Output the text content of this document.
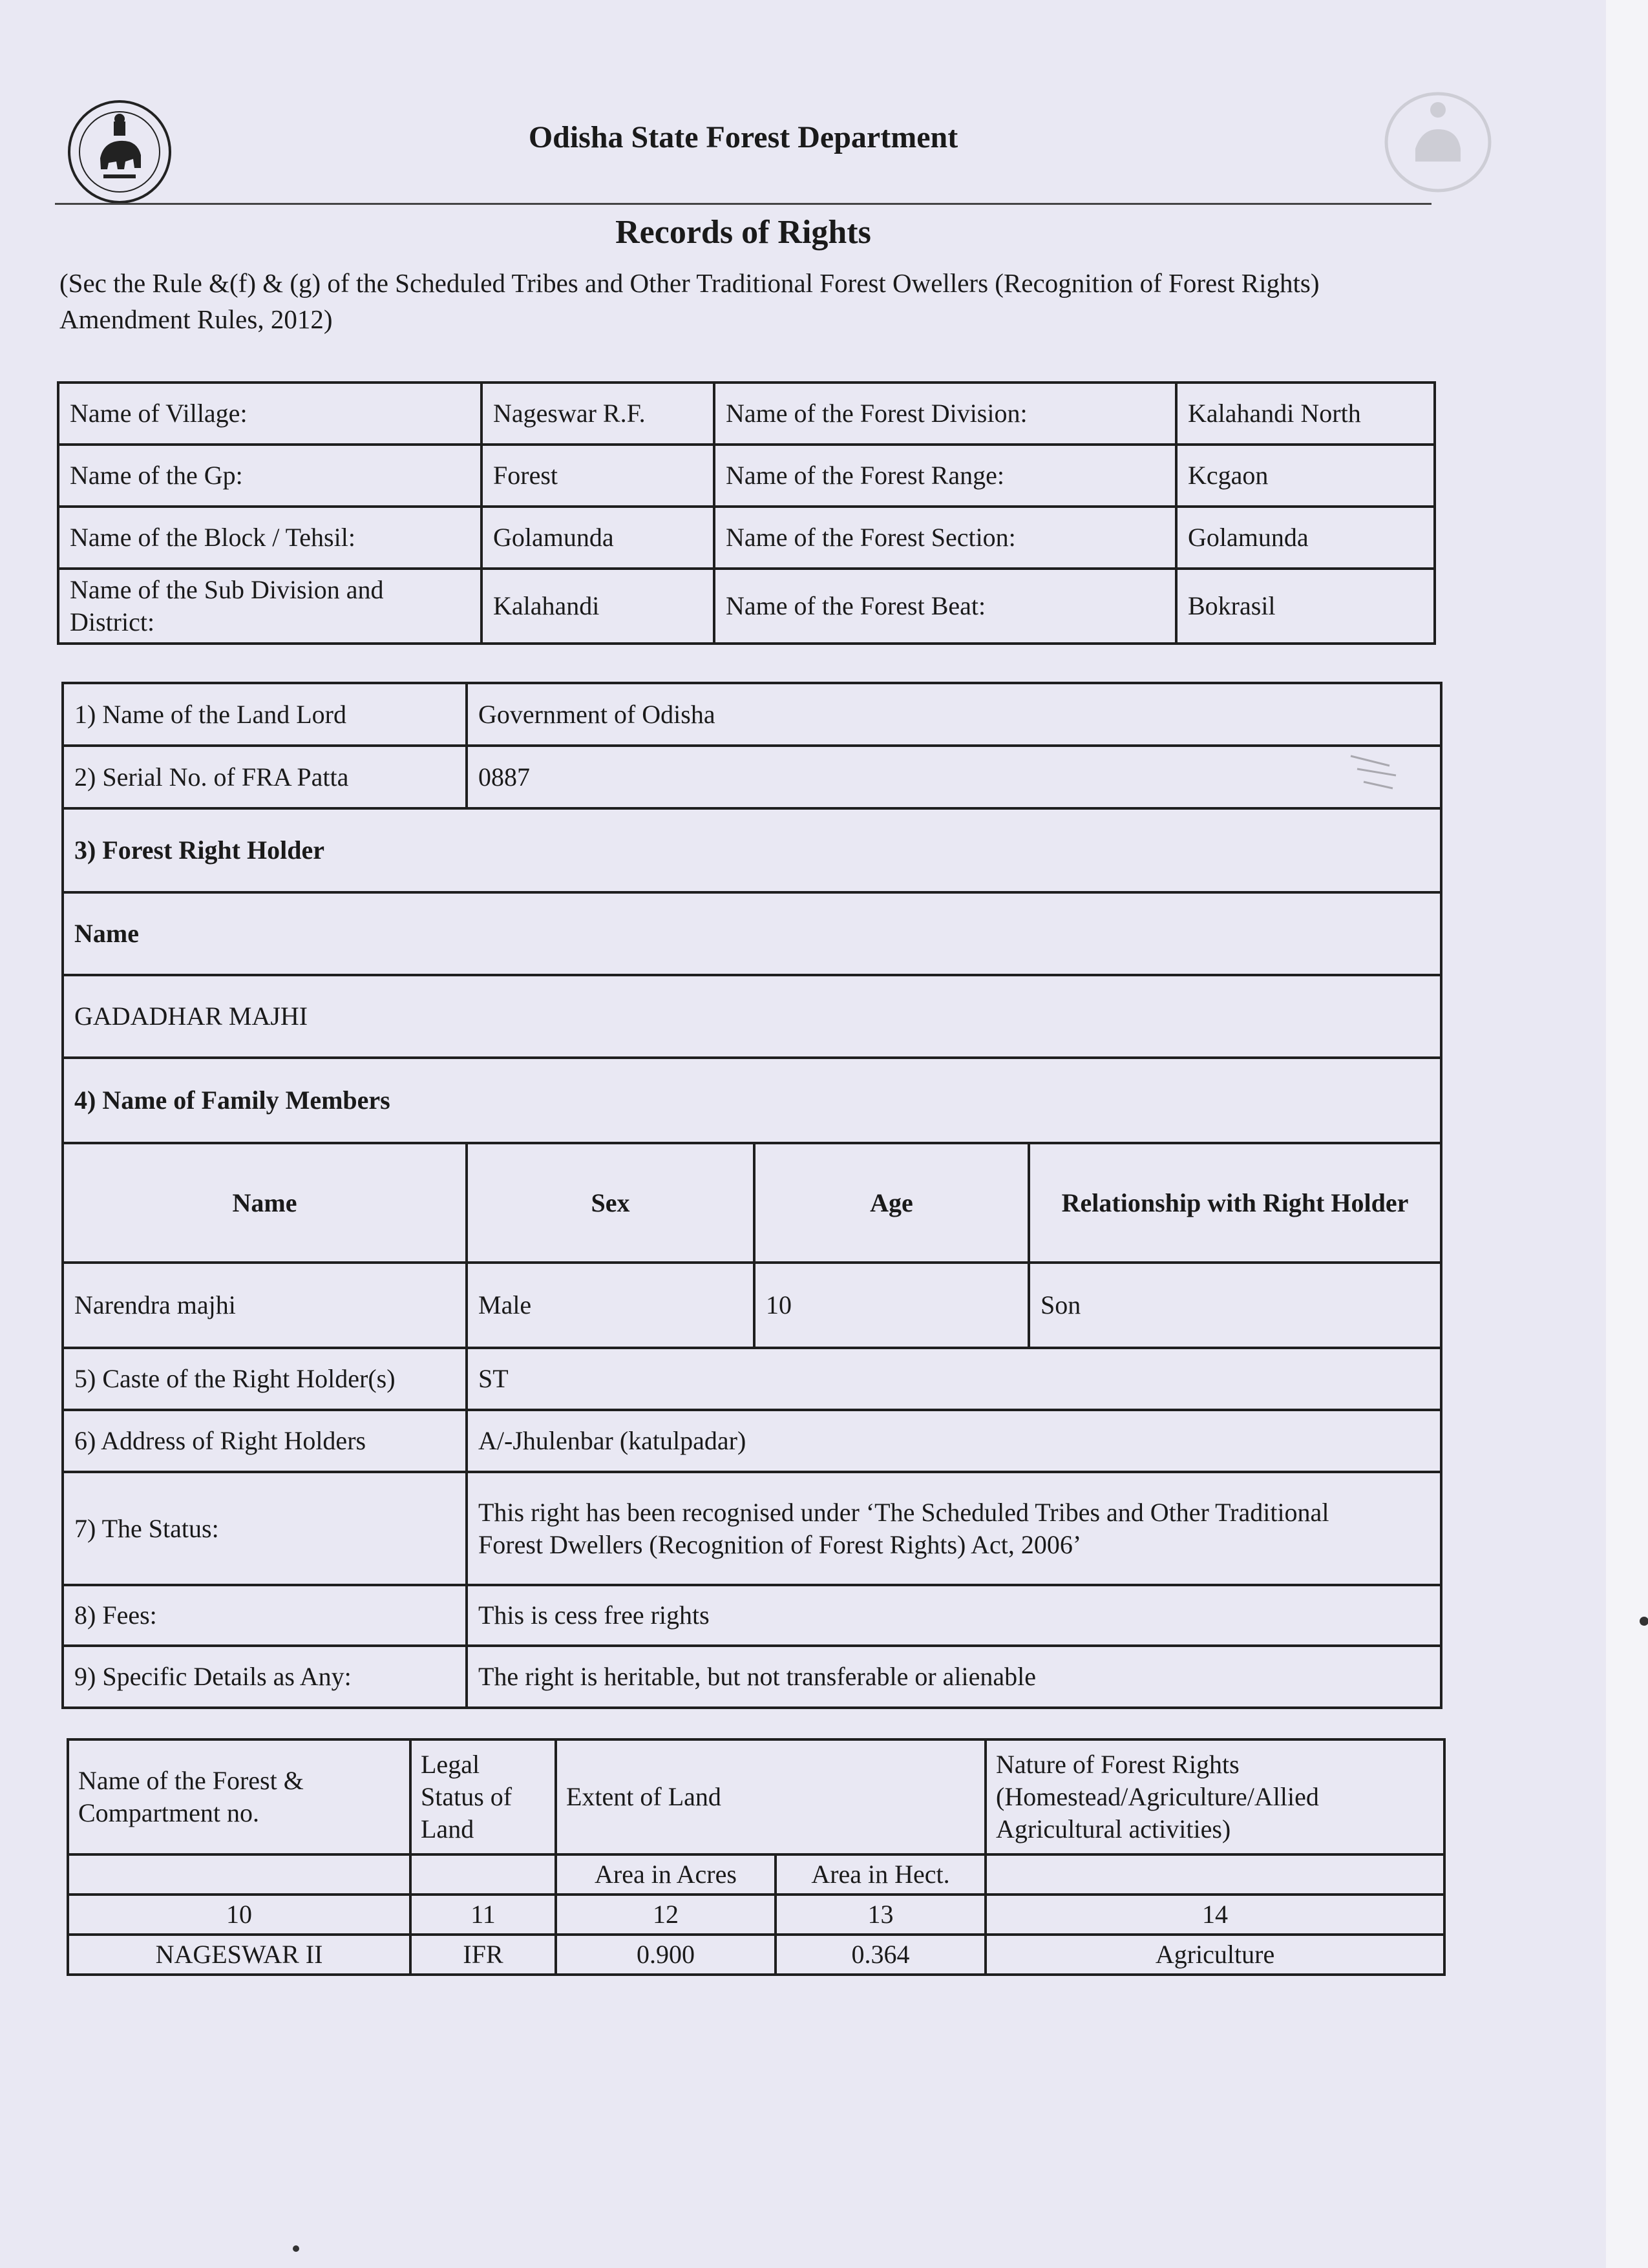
Odisha State Forest Department
Records of Rights

(Sec the Rule &(f) & (g) of the Scheduled Tribes and Other Traditional Forest Owellers (Recognition of Forest Rights) Amendment Rules, 2012)

Name of Village:	Nageswar R.F.	Name of the Forest Division:	Kalahandi North
Name of the Gp:	Forest	Name of the Forest Range:	Kcgaon
Name of the Block / Tehsil:	Golamunda	Name of the Forest Section:	Golamunda
Name of the Sub Division and District:	Kalahandi	Name of the Forest Beat:	Bokrasil
1) Name of the Land Lord	Government of Odisha		
2) Serial No. of FRA Patta	0887		
3) Forest Right Holder			
Name			
GADADHAR MAJHI			
4) Name of Family Members			
Name	Sex	Age	Relationship with Right Holder
Narendra majhi	Male	10	Son
5) Caste of the Right Holder(s)	ST		
6) Address of Right Holders	A/-Jhulenbar (katulpadar)		
7) The Status:	This right has been recognised under ‘The Scheduled Tribes and Other Traditional
Forest Dwellers (Recognition of Forest Rights) Act, 2006’		

8) Fees:	This is cess free rights		
9) Specific Details as Any:	The right is heritable, but not transferable or alienable		
Name of the Forest & Compartment no.	Legal Status of Land	Extent of Land		Nature of Forest Rights (Homestead/Agriculture/Allied Agricultural activities)
		Area in Acres	Area in Hect.	
10	11	12	13	14
NAGESWAR II	IFR	0.900	0.364	Agriculture
